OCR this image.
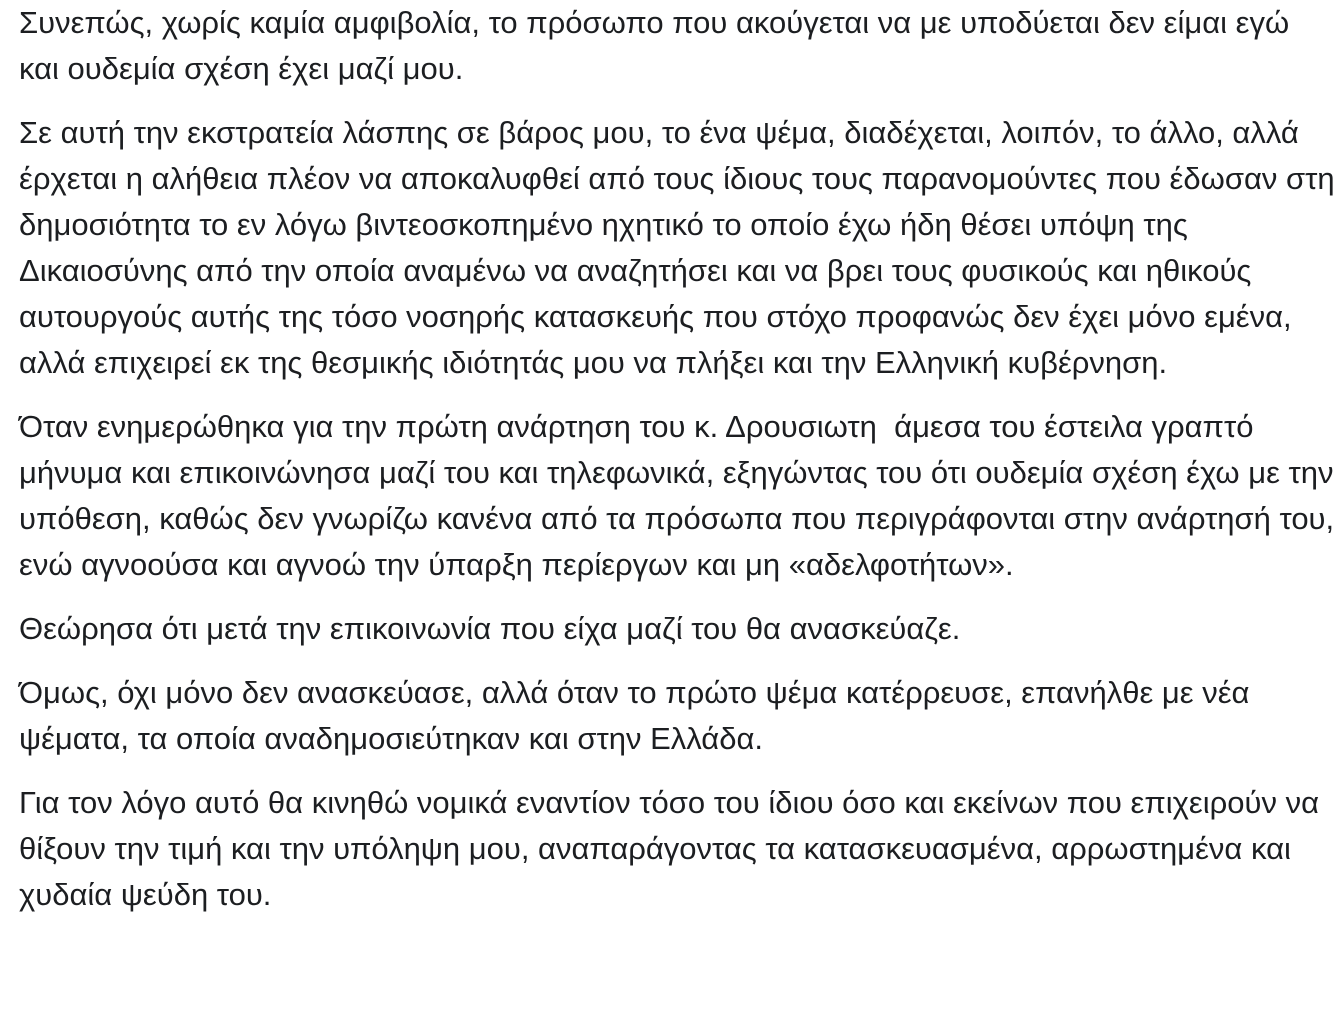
Συνεπώς, χωρίς καμία αμφιβολία, το πρόσωπο που ακούγεται να με υποδύεται δεν είμαι εγώ και ουδεμία σχέση έχει μαζί μου.

Σε αυτή την εκστρατεία λάσπης σε βάρος μου, το ένα ψέμα, διαδέχεται, λοιπόν, το άλλο, αλλά έρχεται η αλήθεια πλέον να αποκαλυφθεί από τους ίδιους τους παρανομούντες που έδωσαν στη δημοσιότητα το εν λόγω βιντεοσκοπημένο ηχητικό το οποίο έχω ήδη θέσει υπόψη της Δικαιοσύνης από την οποία αναμένω να αναζητήσει και να βρει τους φυσικούς και ηθικούς αυτουργούς αυτής της τόσο νοσηρής κατασκευής που στόχο προφανώς δεν έχει μόνο εμένα, αλλά επιχειρεί εκ της θεσμικής ιδιότητάς μου να πλήξει και την Ελληνική κυβέρνηση.

Όταν ενημερώθηκα για την πρώτη ανάρτηση του κ. Δρουσιωτη  άμεσα του έστειλα γραπτό μήνυμα και επικοινώνησα μαζί του και τηλεφωνικά, εξηγώντας του ότι ουδεμία σχέση έχω με την υπόθεση, καθώς δεν γνωρίζω κανένα από τα πρόσωπα που περιγράφονται στην ανάρτησή του, ενώ αγνοούσα και αγνοώ την ύπαρξη περίεργων και μη «αδελφοτήτων».

Θεώρησα ότι μετά την επικοινωνία που είχα μαζί του θα ανασκεύαζε.

Όμως, όχι μόνο δεν ανασκεύασε, αλλά όταν το πρώτο ψέμα κατέρρευσε, επανήλθε με νέα ψέματα, τα οποία αναδημοσιεύτηκαν και στην Ελλάδα.

Για τον λόγο αυτό θα κινηθώ νομικά εναντίον τόσο του ίδιου όσο και εκείνων που επιχειρούν να θίξουν την τιμή και την υπόληψη μου, αναπαράγοντας τα κατασκευασμένα, αρρωστημένα και χυδαία ψεύδη του.
